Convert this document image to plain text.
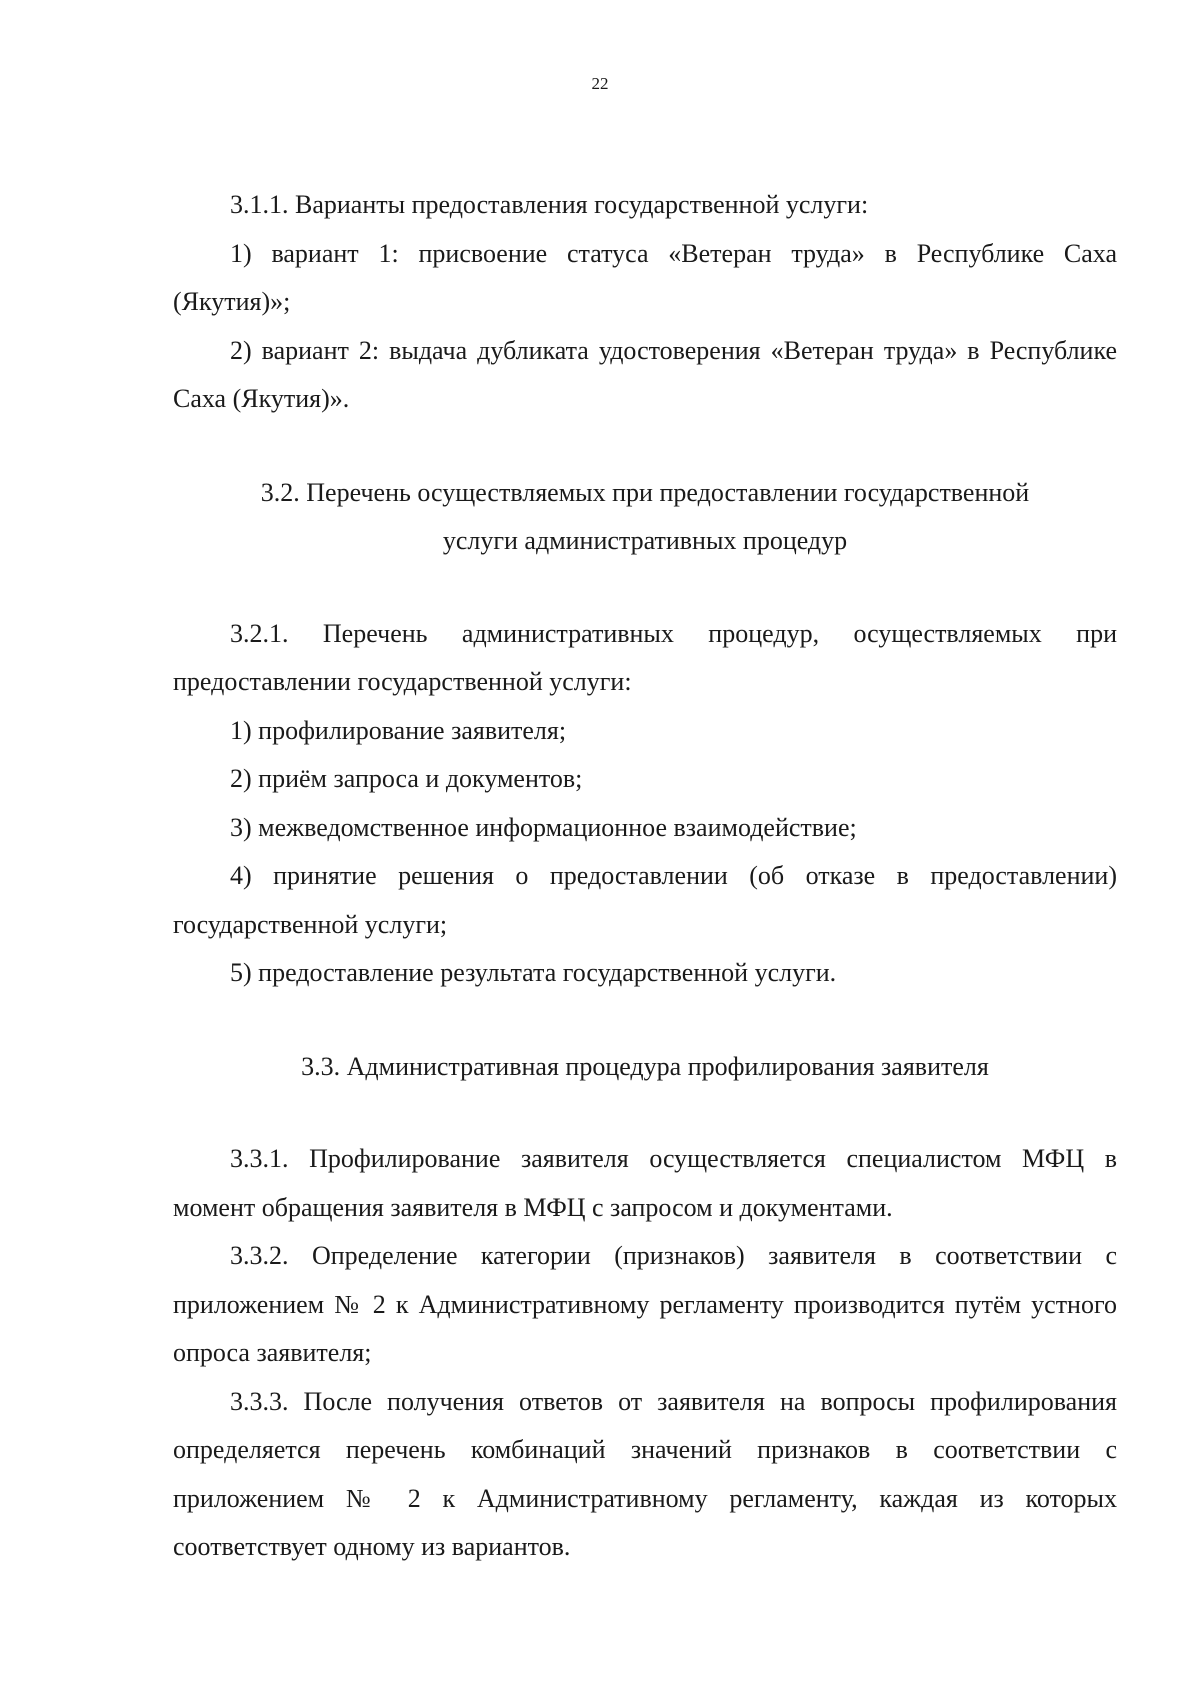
22

3.1.1. Варианты предоставления государственной услуги:

1) вариант 1: присвоение статуса «Ветеран труда» в Республике Саха (Якутия)»;

2) вариант 2: выдача дубликата удостоверения «Ветеран труда» в Республике Саха (Якутия)».

3.2. Перечень осуществляемых при предоставлении государственной

услуги административных процедур

3.2.1. Перечень административных процедур, осуществляемых при предоставлении государственной услуги:

1) профилирование заявителя;

2) приём запроса и документов;

3) межведомственное информационное взаимодействие;

4) принятие решения о предоставлении (об отказе в предоставлении) государственной услуги;

5) предоставление результата государственной услуги.

3.3. Административная процедура профилирования заявителя

3.3.1. Профилирование заявителя осуществляется специалистом МФЦ в момент обращения заявителя в МФЦ с запросом и документами.

3.3.2. Определение категории (признаков) заявителя в соответствии с приложением № 2 к Административному регламенту производится путём устного опроса заявителя;

3.3.3. После получения ответов от заявителя на вопросы профилирования определяется перечень комбинаций значений признаков в соответствии с приложением № 2 к Административному регламенту, каждая из которых соответствует одному из вариантов.
